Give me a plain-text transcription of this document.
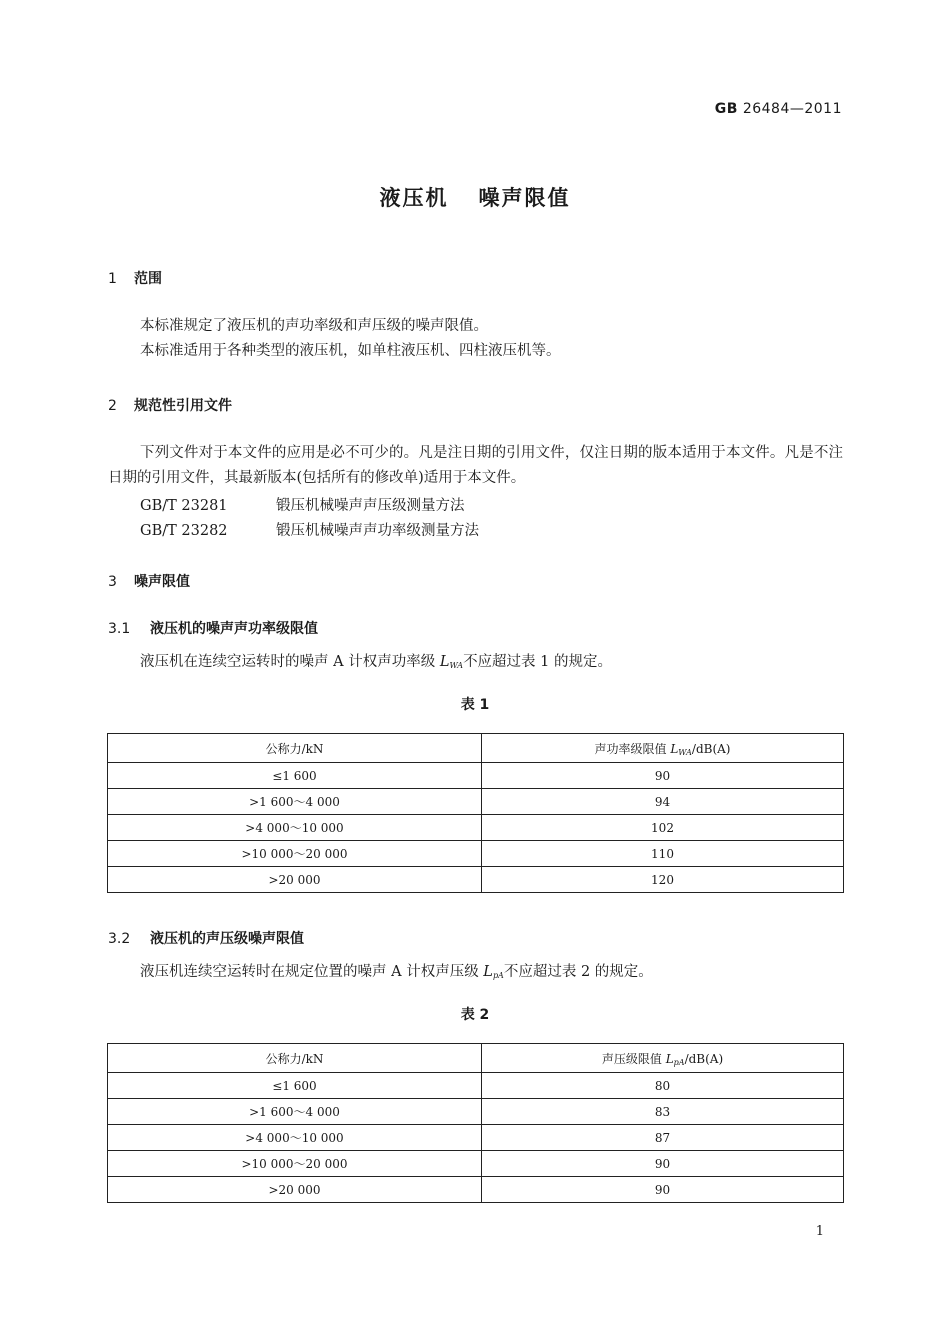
GB 26484—2011
液压机 噪声限值
1 范围
本标准规定了液压机的声功率级和声压级的噪声限值。
本标准适用于各种类型的液压机，如单柱液压机、四柱液压机等。
2 规范性引用文件
下列文件对于本文件的应用是必不可少的。凡是注日期的引用文件，仅注日期的版本适用于本文件。凡是不注日期的引用文件，其最新版本(包括所有的修改单)适用于本文件。
GB/T 23281	锻压机械噪声声压级测量方法
GB/T 23282	锻压机械噪声声功率级测量方法
3 噪声限值
3.1 液压机的噪声声功率级限值
液压机在连续空运转时的噪声 A 计权声功率级 $L_{WA}$不应超过表 1 的规定。
表 1
公称力/kN	声功率级限值 $L_{WA}/dB(A)$
≤1 600	90
>1 600～4 000	94
>4 000～10 000	102
>10 000～20 000	110
>20 000	120
3.2 液压机的声压级噪声限值
液压机连续空运转时在规定位置的噪声 A 计权声压级 $L_{pA}$不应超过表 2 的规定。
表 2
公称力/kN	声压级限值 $L_{pA}/dB(A)$
≤1 600	80
>1 600～4 000	83
>4 000～10 000	87
>10 000～20 000	90
>20 000	90
1
